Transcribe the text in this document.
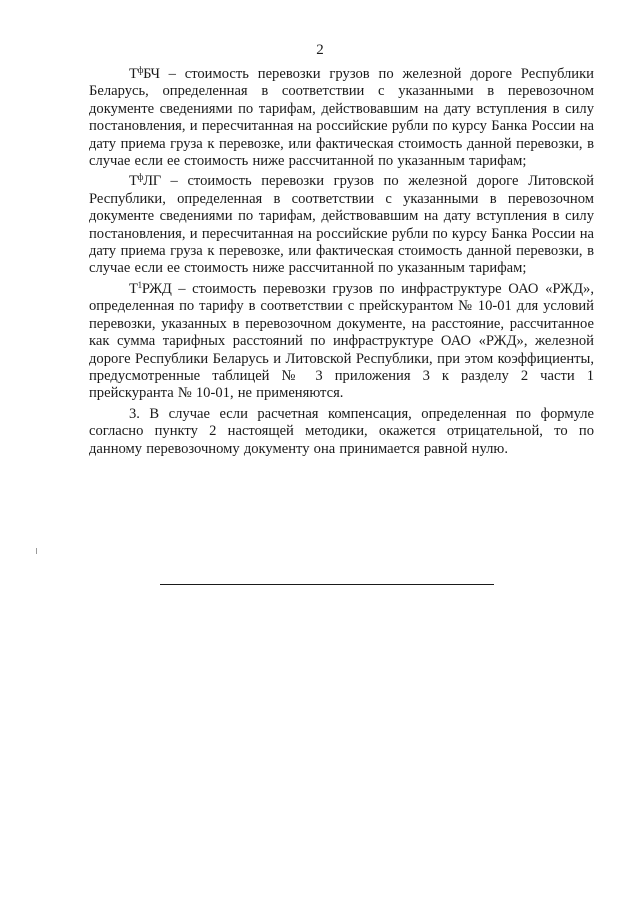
2

$T^фБЧ$ – стоимость перевозки грузов по железной дороге Республики Беларусь, определенная в соответствии с указанными в перевозочном документе сведениями по тарифам, действовавшим на дату вступления в силу постановления, и пересчитанная на российские рубли по курсу Банка России на дату приема груза к перевозке, или фактическая стоимость данной перевозки, в случае если ее стоимость ниже рассчитанной по указанным тарифам;

$T^фЛГ$ – стоимость перевозки грузов по железной дороге Литовской Республики, определенная в соответствии с указанными в перевозочном документе сведениями по тарифам, действовавшим на дату вступления в силу постановления, и пересчитанная на российские рубли по курсу Банка России на дату приема груза к перевозке, или фактическая стоимость данной перевозки, в случае если ее стоимость ниже рассчитанной по указанным тарифам;

$T^1РЖД$ – стоимость перевозки грузов по инфраструктуре ОАО «РЖД», определенная по тарифу в соответствии с прейскурантом № 10-01 для условий перевозки, указанных в перевозочном документе, на расстояние, рассчитанное как сумма тарифных расстояний по инфраструктуре ОАО «РЖД», железной дороге Республики Беларусь и Литовской Республики, при этом коэффициенты, предусмотренные таблицей № 3 приложения 3 к разделу 2 части 1 прейскуранта № 10-01, не применяются.

3. В случае если расчетная компенсация, определенная по формуле согласно пункту 2 настоящей методики, окажется отрицательной, то по данному перевозочному документу она принимается равной нулю.
